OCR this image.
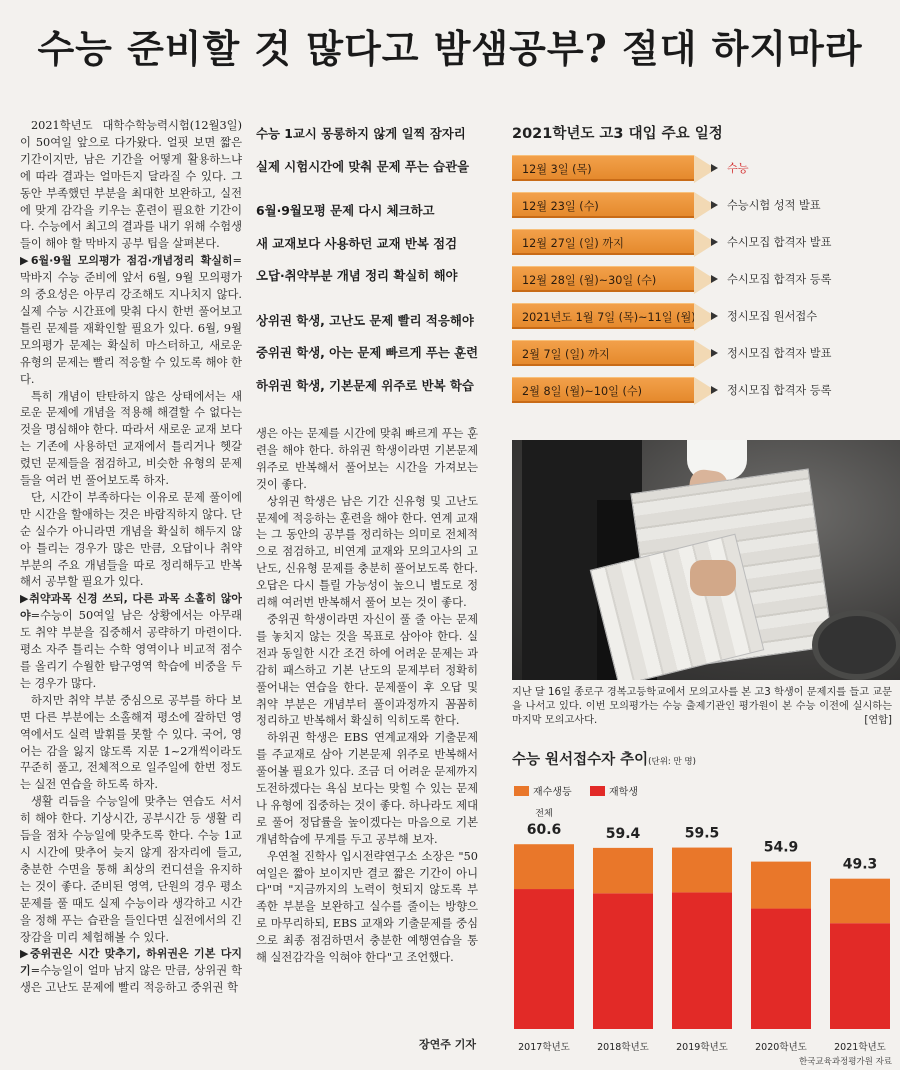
수능 준비할 것 많다고 밤샘공부? 절대 하지마라

2021학년도 대학수학능력시험(12월3일)이 50여일 앞으로 다가왔다. 얼핏 보면 짧은 기간이지만, 남은 기간을 어떻게 활용하느냐에 따라 결과는 얼마든지 달라질 수 있다. 그 동안 부족했던 부분을 최대한 보완하고, 실전에 맞게 감각을 키우는 훈련이 필요한 기간이다. 수능에서 최고의 결과를 내기 위해 수험생들이 해야 할 막바지 공부 팁을 살펴본다.

▶6월·9월 모의평가 점검·개념정리 확실히=막바지 수능 준비에 앞서 6월, 9월 모의평가의 중요성은 아무리 강조해도 지나치지 않다. 실제 수능 시간표에 맞춰 다시 한번 풀어보고 틀린 문제를 재확인할 필요가 있다. 6월, 9월 모의평가 문제는 확실히 마스터하고, 새로운 유형의 문제는 빨리 적응할 수 있도록 해야 한다.

특히 개념이 탄탄하지 않은 상태에서는 새로운 문제에 개념을 적용해 해결할 수 없다는 것을 명심해야 한다. 따라서 새로운 교재 보다는 기존에 사용하던 교재에서 틀리거나 헷갈렸던 문제들을 점검하고, 비슷한 유형의 문제들을 여러 번 풀어보도록 하자.

단, 시간이 부족하다는 이유로 문제 풀이에만 시간을 할애하는 것은 바람직하지 않다. 단순 실수가 아니라면 개념을 확실히 해두지 않아 틀리는 경우가 많은 만큼, 오답이나 취약 부분의 주요 개념들을 따로 정리해두고 반복해서 공부할 필요가 있다.

▶취약과목 신경 쓰되, 다른 과목 소홀히 않아야=수능이 50여일 남은 상황에서는 아무래도 취약 부분을 집중해서 공략하기 마련이다. 평소 자주 틀리는 수학 영역이나 비교적 점수를 올리기 수월한 탐구영역 학습에 비중을 두는 경우가 많다.

하지만 취약 부분 중심으로 공부를 하다 보면 다른 부분에는 소홀해져 평소에 잘하던 영역에서도 실력 발휘를 못할 수 있다. 국어, 영어는 감을 잃지 않도록 지문 1~2개씩이라도 꾸준히 풀고, 전체적으로 일주일에 한번 정도는 실전 연습을 하도록 하자.

생활 리듬을 수능일에 맞추는 연습도 서서히 해야 한다. 기상시간, 공부시간 등 생활 리듬을 점차 수능일에 맞추도록 한다. 수능 1교시 시간에 맞추어 늦지 않게 잠자리에 들고, 충분한 수면을 통해 최상의 컨디션을 유지하는 것이 좋다. 준비된 영역, 단원의 경우 평소 문제를 풀 때도 실제 수능이라 생각하고 시간을 정해 푸는 습관을 들인다면 실전에서의 긴장감을 미리 체험해볼 수 있다.

▶중위권은 시간 맞추기, 하위권은 기본 다지기=수능일이 얼마 남지 않은 만큼, 상위권 학생은 고난도 문제에 빨리 적응하고 중위권 학

수능 1교시 몽롱하지 않게 일찍 잠자리
실제 시험시간에 맞춰 문제 푸는 습관을
6월·9월모평 문제 다시 체크하고
새 교재보다 사용하던 교재 반복 점검
오답·취약부분 개념 정리 확실히 해야
상위권 학생, 고난도 문제 빨리 적응해야
중위권 학생, 아는 문제 빠르게 푸는 훈련
하위권 학생, 기본문제 위주로 반복 학습

생은 아는 문제를 시간에 맞춰 빠르게 푸는 훈련을 해야 한다. 하위권 학생이라면 기본문제 위주로 반복해서 풀어보는 시간을 가져보는 것이 좋다.

상위권 학생은 남은 기간 신유형 및 고난도 문제에 적응하는 훈련을 해야 한다. 연계 교재는 그 동안의 공부를 정리하는 의미로 전체적으로 점검하고, 비연계 교재와 모의고사의 고난도, 신유형 문제를 충분히 풀어보도록 한다. 오답은 다시 틀릴 가능성이 높으니 별도로 정리해 여러번 반복해서 풀어 보는 것이 좋다.

중위권 학생이라면 자신이 풀 줄 아는 문제를 놓치지 않는 것을 목표로 삼아야 한다. 실전과 동일한 시간 조건 하에 어려운 문제는 과감히 패스하고 기본 난도의 문제부터 정확히 풀어내는 연습을 한다. 문제풀이 후 오답 및 취약 부분은 개념부터 풀이과정까지 꼼꼼히 정리하고 반복해서 확실히 익히도록 한다.

하위권 학생은 EBS 연계교재와 기출문제를 주교재로 삼아 기본문제 위주로 반복해서 풀어볼 필요가 있다. 조금 더 어려운 문제까지 도전하겠다는 욕심 보다는 맞힐 수 있는 문제나 유형에 집중하는 것이 좋다. 하나라도 제대로 풀어 정답률을 높이겠다는 마음으로 기본 개념학습에 무게를 두고 공부해 보자.

우연철 진학사 입시전략연구소 소장은 "50여일은 짧아 보이지만 결코 짧은 기간이 아니다"며 "지금까지의 노력이 헛되지 않도록 부족한 부분을 보완하고 실수를 줄이는 방향으로 마무리하되, EBS 교재와 기출문제를 중심으로 최종 점검하면서 충분한 예행연습을 통해 실전감각을 익혀야 한다"고 조언했다.

장연주 기자
2021학년도 고3 대입 주요 일정
12월 3일 (목)	수능
12월 23일 (수)	수능시험 성적 발표
12월 27일 (일) 까지	수시모집 합격자 발표
12월 28일 (월)~30일 (수)	수시모집 합격자 등록
2021년도 1월 7일 (목)~11일 (월)	정시모집 원서접수
2월 7일 (일) 까지	정시모집 합격자 발표
2월 8일 (월)~10일 (수)	정시모집 합격자 등록
지난 달 16일 종로구 경복고등학교에서 모의고사를 본 고3 학생이 문제지를 들고 교문을 나서고 있다. 이번 모의평가는 수능 출제기관인 평가원이 본 수능 이전에 실시하는 마지막 모의고사다.	[연합]
수능 원서접수자 추이(단위: 만 명)
재수생등	재학생
60.6
2017학년도
59.4
2018학년도
59.5
2019학년도
54.9
2020학년도
49.3
2021학년도
전체
한국교육과정평가원 자료
